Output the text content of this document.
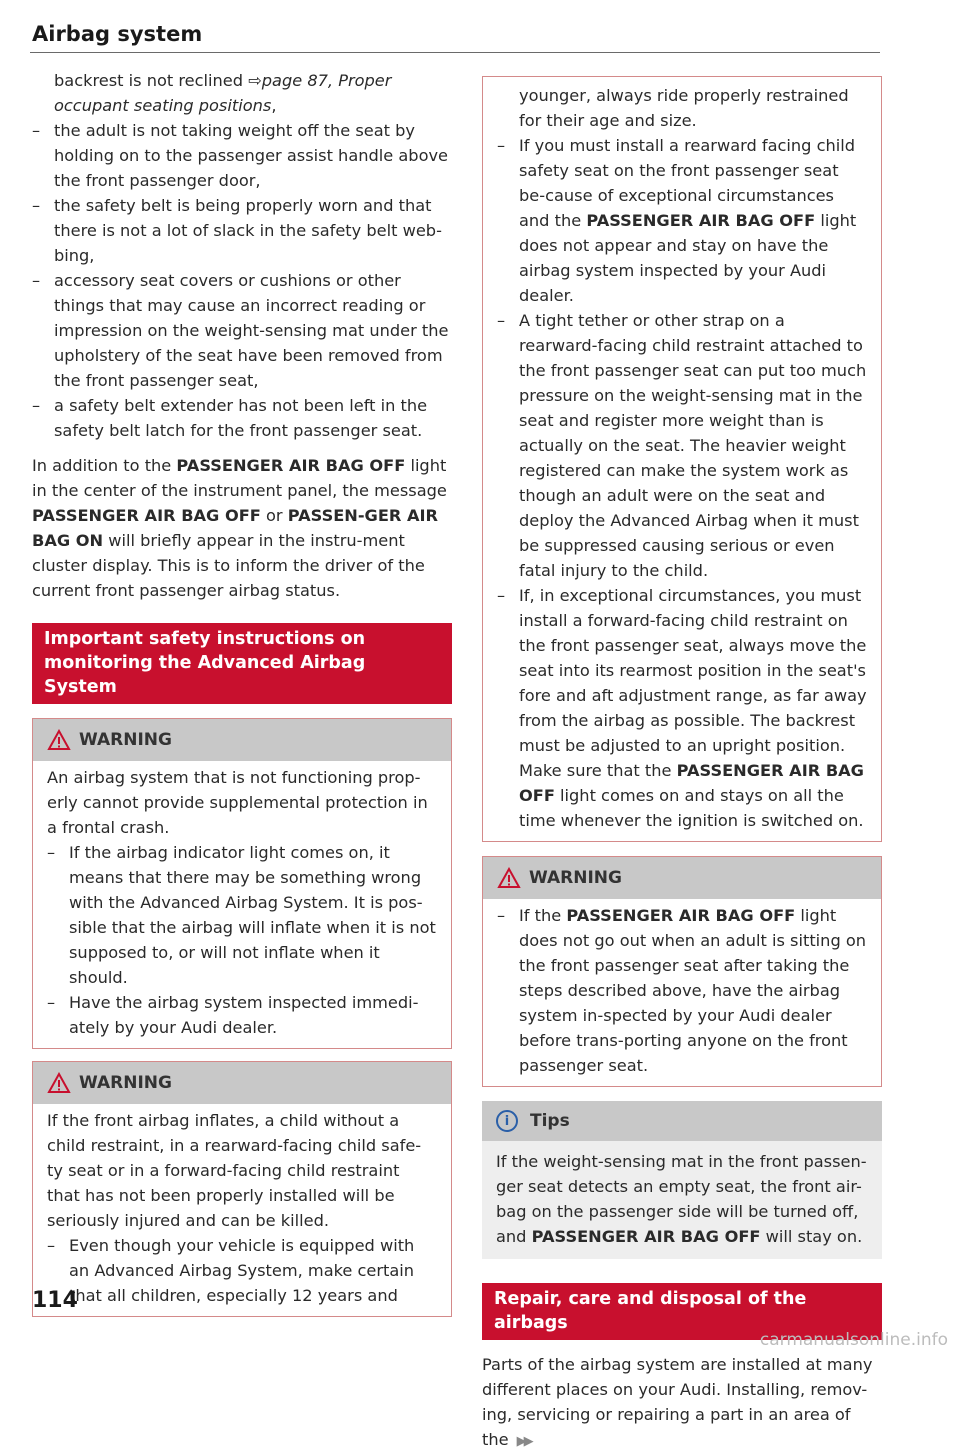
Airbag system

backrest is not reclined ⇨page 87, Proper occupant seating positions,

– the adult is not taking weight off the seat by holding on to the passenger assist handle above the front passenger door,

– the safety belt is being properly worn and that there is not a lot of slack in the safety belt web-bing,

– accessory seat covers or cushions or other things that may cause an incorrect reading or impression on the weight-sensing mat under the upholstery of the seat have been removed from the front passenger seat,

– a safety belt extender has not been left in the safety belt latch for the front passenger seat.

In addition to the PASSENGER AIR BAG OFF light in the center of the instrument panel, the message PASSENGER AIR BAG OFF or PASSEN-GER AIR BAG ON will briefly appear in the instru-ment cluster display. This is to inform the driver of the current front passenger airbag status.

Important safety instructions on monitoring the Advanced Airbag System
WARNING

An airbag system that is not functioning prop-erly cannot provide supplemental protection in a frontal crash.

– If the airbag indicator light comes on, it means that there may be something wrong with the Advanced Airbag System. It is pos-sible that the airbag will inflate when it is not supposed to, or will not inflate when it should.

– Have the airbag system inspected immedi-ately by your Audi dealer.

WARNING

If the front airbag inflates, a child without a child restraint, in a rearward-facing child safe-ty seat or in a forward-facing child restraint that has not been properly installed will be seriously injured and can be killed.

– Even though your vehicle is equipped with an Advanced Airbag System, make certain that all children, especially 12 years and

younger, always ride properly restrained for their age and size.

– If you must install a rearward facing child safety seat on the front passenger seat be-cause of exceptional circumstances and the PASSENGER AIR BAG OFF light does not appear and stay on have the airbag system inspected by your Audi dealer.

– A tight tether or other strap on a rearward-facing child restraint attached to the front passenger seat can put too much pressure on the weight-sensing mat in the seat and register more weight than is actually on the seat. The heavier weight registered can make the system work as though an adult were on the seat and deploy the Advanced Airbag when it must be suppressed causing serious or even fatal injury to the child.

– If, in exceptional circumstances, you must install a forward-facing child restraint on the front passenger seat, always move the seat into its rearmost position in the seat's fore and aft adjustment range, as far away from the airbag as possible. The backrest must be adjusted to an upright position. Make sure that the PASSENGER AIR BAG OFF light comes on and stays on all the time whenever the ignition is switched on.

WARNING

– If the PASSENGER AIR BAG OFF light does not go out when an adult is sitting on the front passenger seat after taking the steps described above, have the airbag system in-spected by your Audi dealer before trans-porting anyone on the front passenger seat.

i	Tips

If the weight-sensing mat in the front passen-ger seat detects an empty seat, the front air-bag on the passenger side will be turned off, and PASSENGER AIR BAG OFF will stay on.

Repair, care and disposal of the airbags

Parts of the airbag system are installed at many different places on your Audi. Installing, remov-ing, servicing or repairing a part in an area of the ▶▶

114
carmanualsonline.info
